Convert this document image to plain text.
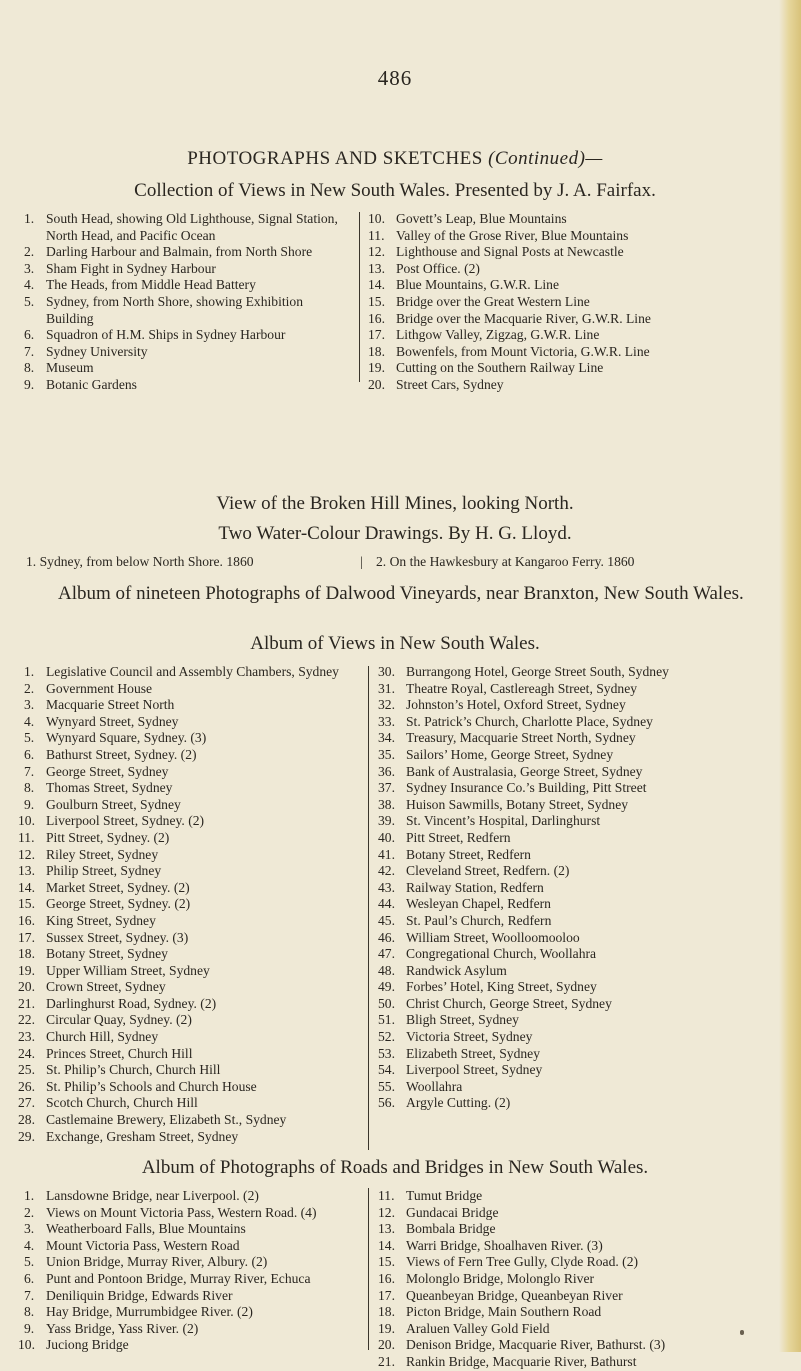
486
PHOTOGRAPHS AND SKETCHES (Continued)—
Collection of Views in New South Wales. Presented by J. A. Fairfax.
1. South Head, showing Old Lighthouse, Signal Station, North Head, and Pacific Ocean
2. Darling Harbour and Balmain, from North Shore
3. Sham Fight in Sydney Harbour
4. The Heads, from Middle Head Battery
5. Sydney, from North Shore, showing Exhibition Building
6. Squadron of H.M. Ships in Sydney Harbour
7. Sydney University
8. Museum
9. Botanic Gardens
10. Govett’s Leap, Blue Mountains
11. Valley of the Grose River, Blue Mountains
12. Lighthouse and Signal Posts at Newcastle
13. Post Office. (2)
14. Blue Mountains, G.W.R. Line
15. Bridge over the Great Western Line
16. Bridge over the Macquarie River, G.W.R. Line
17. Lithgow Valley, Zigzag, G.W.R. Line
18. Bowenfels, from Mount Victoria, G.W.R. Line
19. Cutting on the Southern Railway Line
20. Street Cars, Sydney
View of the Broken Hill Mines, looking North.
Two Water-Colour Drawings. By H. G. Lloyd.
1. Sydney, from below North Shore. 1860	| 2. On the Hawkesbury at Kangaroo Ferry. 1860
Album of nineteen Photographs of Dalwood Vineyards, near Branxton, New South Wales.
Album of Views in New South Wales.
1. Legislative Council and Assembly Chambers, Sydney
2. Government House
3. Macquarie Street North
4. Wynyard Street, Sydney
5. Wynyard Square, Sydney. (3)
6. Bathurst Street, Sydney. (2)
7. George Street, Sydney
8. Thomas Street, Sydney
9. Goulburn Street, Sydney
10. Liverpool Street, Sydney. (2)
11. Pitt Street, Sydney. (2)
12. Riley Street, Sydney
13. Philip Street, Sydney
14. Market Street, Sydney. (2)
15. George Street, Sydney. (2)
16. King Street, Sydney
17. Sussex Street, Sydney. (3)
18. Botany Street, Sydney
19. Upper William Street, Sydney
20. Crown Street, Sydney
21. Darlinghurst Road, Sydney. (2)
22. Circular Quay, Sydney. (2)
23. Church Hill, Sydney
24. Princes Street, Church Hill
25. St. Philip’s Church, Church Hill
26. St. Philip’s Schools and Church House
27. Scotch Church, Church Hill
28. Castlemaine Brewery, Elizabeth St., Sydney
29. Exchange, Gresham Street, Sydney
30. Burrangong Hotel, George Street South, Sydney
31. Theatre Royal, Castlereagh Street, Sydney
32. Johnston’s Hotel, Oxford Street, Sydney
33. St. Patrick’s Church, Charlotte Place, Sydney
34. Treasury, Macquarie Street North, Sydney
35. Sailors’ Home, George Street, Sydney
36. Bank of Australasia, George Street, Sydney
37. Sydney Insurance Co.’s Building, Pitt Street
38. Huison Sawmills, Botany Street, Sydney
39. St. Vincent’s Hospital, Darlinghurst
40. Pitt Street, Redfern
41. Botany Street, Redfern
42. Cleveland Street, Redfern. (2)
43. Railway Station, Redfern
44. Wesleyan Chapel, Redfern
45. St. Paul’s Church, Redfern
46. William Street, Woolloomooloo
47. Congregational Church, Woollahra
48. Randwick Asylum
49. Forbes’ Hotel, King Street, Sydney
50. Christ Church, George Street, Sydney
51. Bligh Street, Sydney
52. Victoria Street, Sydney
53. Elizabeth Street, Sydney
54. Liverpool Street, Sydney
55. Woollahra
56. Argyle Cutting. (2)
Album of Photographs of Roads and Bridges in New South Wales.
1. Lansdowne Bridge, near Liverpool. (2)
2. Views on Mount Victoria Pass, Western Road. (4)
3. Weatherboard Falls, Blue Mountains
4. Mount Victoria Pass, Western Road
5. Union Bridge, Murray River, Albury. (2)
6. Punt and Pontoon Bridge, Murray River, Echuca
7. Deniliquin Bridge, Edwards River
8. Hay Bridge, Murrumbidgee River. (2)
9. Yass Bridge, Yass River. (2)
10. Juciong Bridge
11. Tumut Bridge
12. Gundacai Bridge
13. Bombala Bridge
14. Warri Bridge, Shoalhaven River. (3)
15. Views of Fern Tree Gully, Clyde Road. (2)
16. Molonglo Bridge, Molonglo River
17. Queanbeyan Bridge, Queanbeyan River
18. Picton Bridge, Main Southern Road
19. Araluen Valley Gold Field
20. Denison Bridge, Macquarie River, Bathurst. (3)
21. Rankin Bridge, Macquarie River, Bathurst
